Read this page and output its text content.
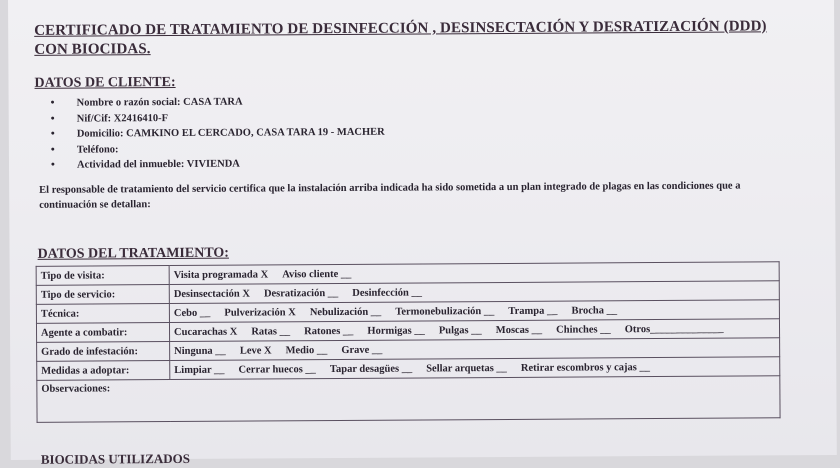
CERTIFICADO DE TRATAMIENTO DE DESINFECCIÓN , DESINSECTACIÓN Y DESRATIZACIÓN (DDD) CON BIOCIDAS.
DATOS DE CLIENTE:
• Nombre o razón social: CASA TARA
• Nif/Cif: X2416410-F
• Domicilio: CAMKINO EL CERCADO, CASA TARA 19 - MACHER
• Teléfono:
• Actividad del inmueble: VIVIENDA
El responsable de tratamiento del servicio certifica que la instalación arriba indicada ha sido sometida a un plan integrado de plagas en las condiciones que a continuación se detallan:
DATOS DEL TRATAMIENTO:
Tipo de visita:	Visita programada X Aviso cliente __
Tipo de servicio:	Desinsectación X Desratización __ Desinfección __
Técnica:	Cebo __ Pulverización X Nebulización __ Termonebulización __ Trampa __ Brocha __
Agente a combatir:	Cucarachas X Ratas __ Ratones __ Hormigas __ Pulgas __ Moscas __ Chinches __ Otros______________
Grado de infestación:	Ninguna __ Leve X Medio __ Grave __
Medidas a adoptar:	Limpiar __ Cerrar huecos __ Tapar desagües __ Sellar arquetas __ Retirar escombros y cajas __
Observaciones:	
BIOCIDAS UTILIZADOS
